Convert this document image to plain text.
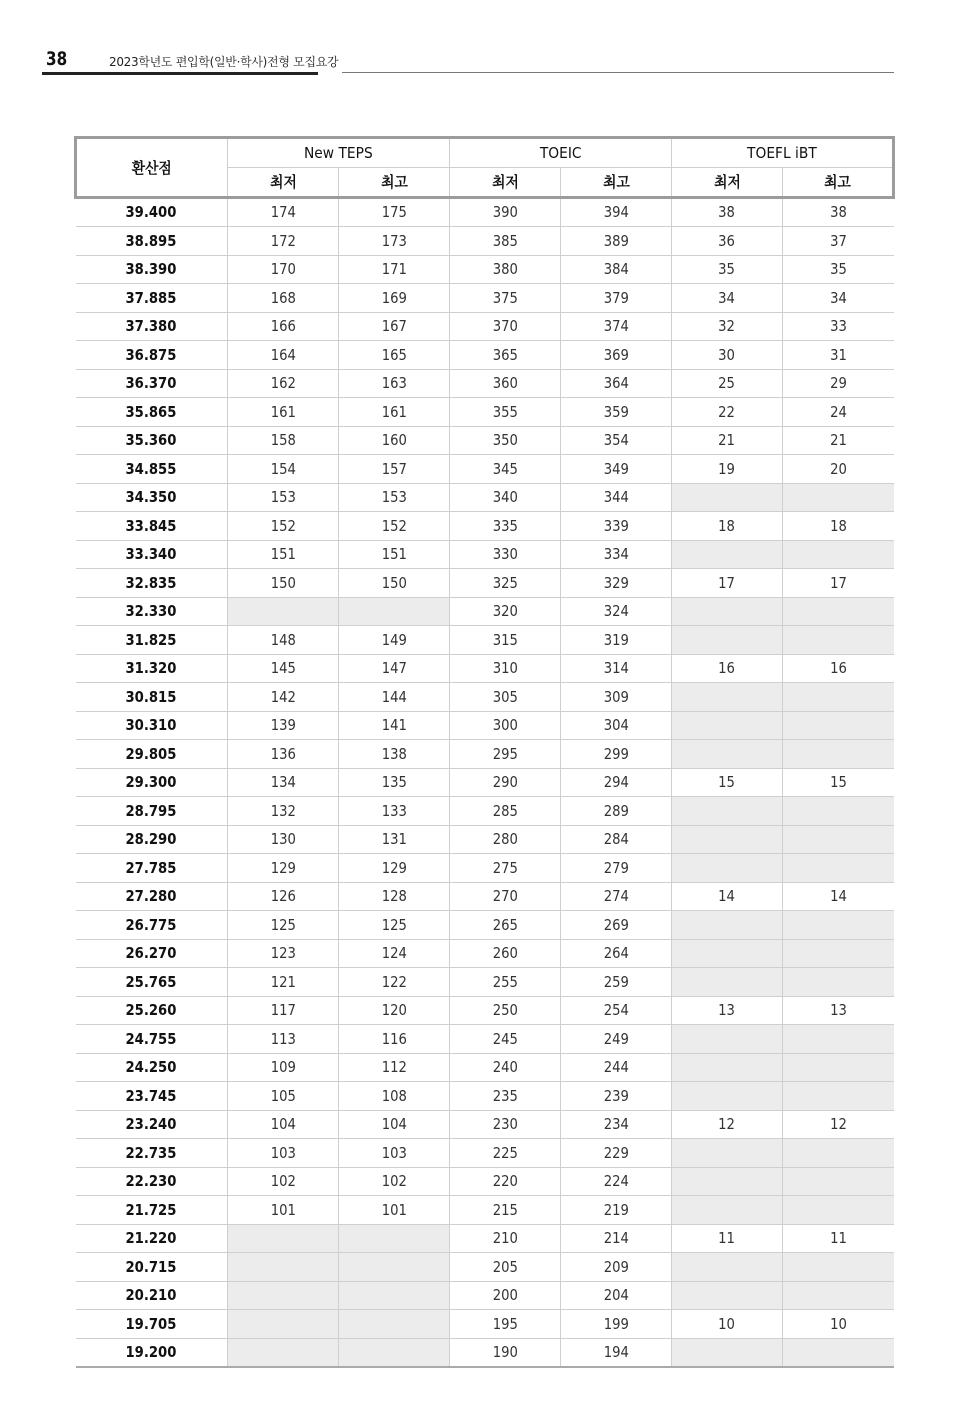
38	2023학년도 편입학(일반·학사)전형 모집요강
환산점	New TEPS		TOEIC		TOEFL iBT	
	최저	최고	최저	최고	최저	최고
39.400	174	175	390	394	38	38
38.895	172	173	385	389	36	37
38.390	170	171	380	384	35	35
37.885	168	169	375	379	34	34
37.380	166	167	370	374	32	33
36.875	164	165	365	369	30	31
36.370	162	163	360	364	25	29
35.865	161	161	355	359	22	24
35.360	158	160	350	354	21	21
34.855	154	157	345	349	19	20
34.350	153	153	340	344		
33.845	152	152	335	339	18	18
33.340	151	151	330	334		
32.835	150	150	325	329	17	17
32.330			320	324		
31.825	148	149	315	319		
31.320	145	147	310	314	16	16
30.815	142	144	305	309		
30.310	139	141	300	304		
29.805	136	138	295	299		
29.300	134	135	290	294	15	15
28.795	132	133	285	289		
28.290	130	131	280	284		
27.785	129	129	275	279		
27.280	126	128	270	274	14	14
26.775	125	125	265	269		
26.270	123	124	260	264		
25.765	121	122	255	259		
25.260	117	120	250	254	13	13
24.755	113	116	245	249		
24.250	109	112	240	244		
23.745	105	108	235	239		
23.240	104	104	230	234	12	12
22.735	103	103	225	229		
22.230	102	102	220	224		
21.725	101	101	215	219		
21.220			210	214	11	11
20.715			205	209		
20.210			200	204		
19.705			195	199	10	10
19.200			190	194		
